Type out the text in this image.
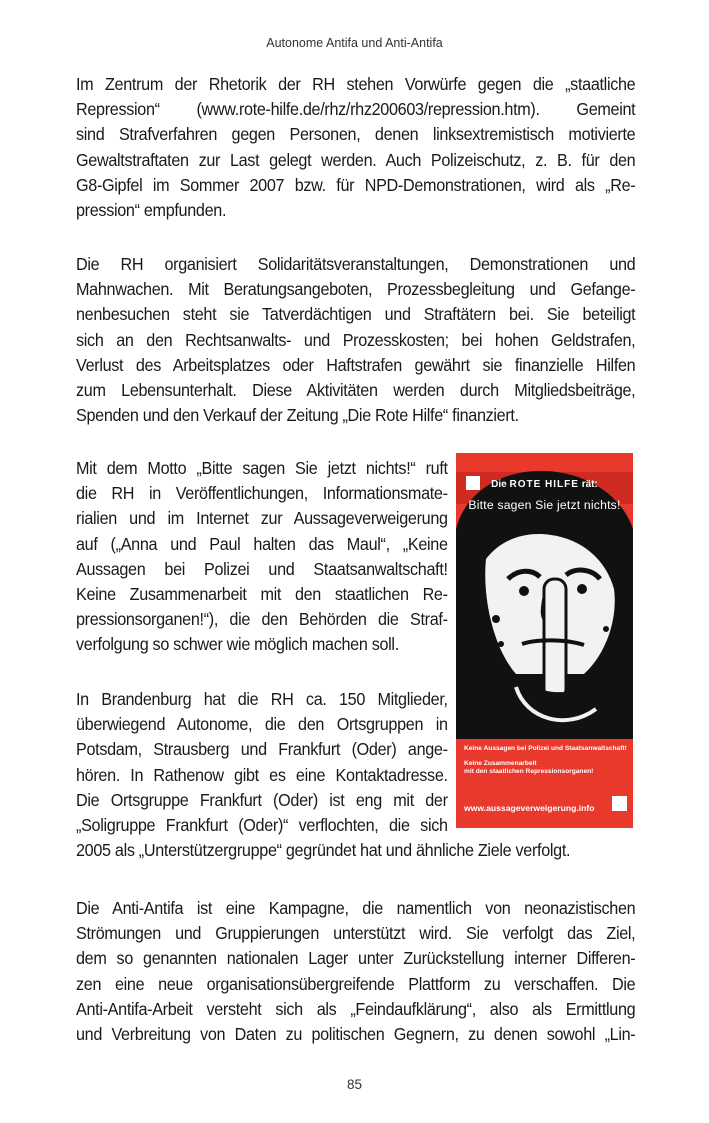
Autonome Antifa und Anti-Antifa
Im Zentrum der Rhetorik der RH stehen Vorwürfe gegen die „staatliche
Repression“ (www.rote-hilfe.de/rhz/rhz200603/repression.htm). Gemeint
sind Strafverfahren gegen Personen, denen linksextremistisch motivierte
Gewaltstraftaten zur Last gelegt werden. Auch Polizeischutz, z. B. für den
G8-Gipfel im Sommer 2007 bzw. für NPD-Demonstrationen, wird als „Re-
pression“ empfunden.
Die RH organisiert Solidaritätsveranstaltungen, Demonstrationen und
Mahnwachen. Mit Beratungsangeboten, Prozessbegleitung und Gefange-
nenbesuchen steht sie Tatverdächtigen und Straftätern bei. Sie beteiligt
sich an den Rechtsanwalts- und Prozesskosten; bei hohen Geldstrafen,
Verlust des Arbeitsplatzes oder Haftstrafen gewährt sie finanzielle Hilfen
zum Lebensunterhalt. Diese Aktivitäten werden durch Mitgliedsbeiträge,
Spenden und den Verkauf der Zeitung „Die Rote Hilfe“ finanziert.
Mit dem Motto „Bitte sagen Sie jetzt nichts!“ ruft
die RH in Veröffentlichungen, Informationsmate-
rialien und im Internet zur Aussageverweigerung
auf („Anna und Paul halten das Maul“, „Keine
Aussagen bei Polizei und Staatsanwaltschaft!
Keine Zusammenarbeit mit den staatlichen Re-
pressionsorganen!“), die den Behörden die Straf-
verfolgung so schwer wie möglich machen soll.
In Brandenburg hat die RH ca. 150 Mitglieder,
überwiegend Autonome, die den Ortsgruppen in
Potsdam, Strausberg und Frankfurt (Oder) ange-
hören. In Rathenow gibt es eine Kontaktadresse.
Die Ortsgruppe Frankfurt (Oder) ist eng mit der
„Soligruppe Frankfurt (Oder)“ verflochten, die sich
2005 als „Unterstützergruppe“ gegründet hat und ähnliche Ziele verfolgt.
Die ROTE HILFE rät:
Bitte sagen Sie jetzt nichts!
Keine Aussagen bei Polizei und Staatsanwaltschaft!
Keine Zusammenarbeit
mit den staatlichen Repressionsorganen!
www.aussageverweigerung.info
Die Anti-Antifa ist eine Kampagne, die namentlich von neonazistischen
Strömungen und Gruppierungen unterstützt wird. Sie verfolgt das Ziel,
dem so genannten nationalen Lager unter Zurückstellung interner Differen-
zen eine neue organisationsübergreifende Plattform zu verschaffen. Die
Anti-Antifa-Arbeit versteht sich als „Feindaufklärung“, also als Ermittlung
und Verbreitung von Daten zu politischen Gegnern, zu denen sowohl „Lin-
85
